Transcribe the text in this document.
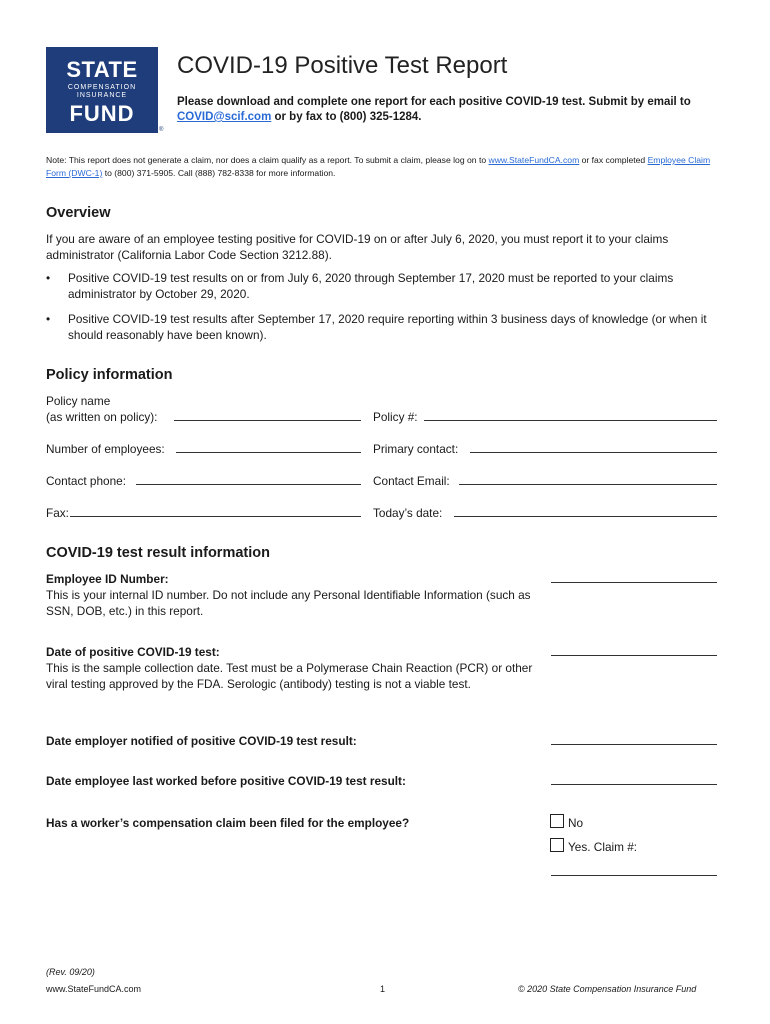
STATE
COMPENSATION
INSURANCE
FUND
®
COVID-19 Positive Test Report
Please download and complete one report for each positive COVID-19 test. Submit by email to COVID@scif.com or by fax to (800) 325-1284.
Note: This report does not generate a claim, nor does a claim qualify as a report. To submit a claim, please log on to www.StateFundCA.com or fax completed Employee Claim Form (DWC-1) to (800) 371-5905. Call (888) 782-8338 for more information.
Overview
If you are aware of an employee testing positive for COVID-19 on or after July 6, 2020, you must report it to your claims administrator (California Labor Code Section 3212.88).
• Positive COVID-19 test results on or from July 6, 2020 through September 17, 2020 must be reported to your claims administrator by October 29, 2020.
• Positive COVID-19 test results after September 17, 2020 require reporting within 3 business days of knowledge (or when it should reasonably have been known).
Policy information
Policy name
(as written on policy):	Policy #:
Number of employees:	Primary contact:
Contact phone:	Contact Email:
Fax:	Today’s date:
COVID-19 test result information
Employee ID Number:
This is your internal ID number. Do not include any Personal Identifiable Information (such as SSN, DOB, etc.) in this report.
Date of positive COVID-19 test:
This is the sample collection date. Test must be a Polymerase Chain Reaction (PCR) or other viral testing approved by the FDA. Serologic (antibody) testing is not a viable test.
Date employer notified of positive COVID-19 test result:
Date employee last worked before positive COVID-19 test result:
Has a worker’s compensation claim been filed for the employee?	No
Yes. Claim #:
(Rev. 09/20)
www.StateFundCA.com	1	© 2020 State Compensation Insurance Fund
